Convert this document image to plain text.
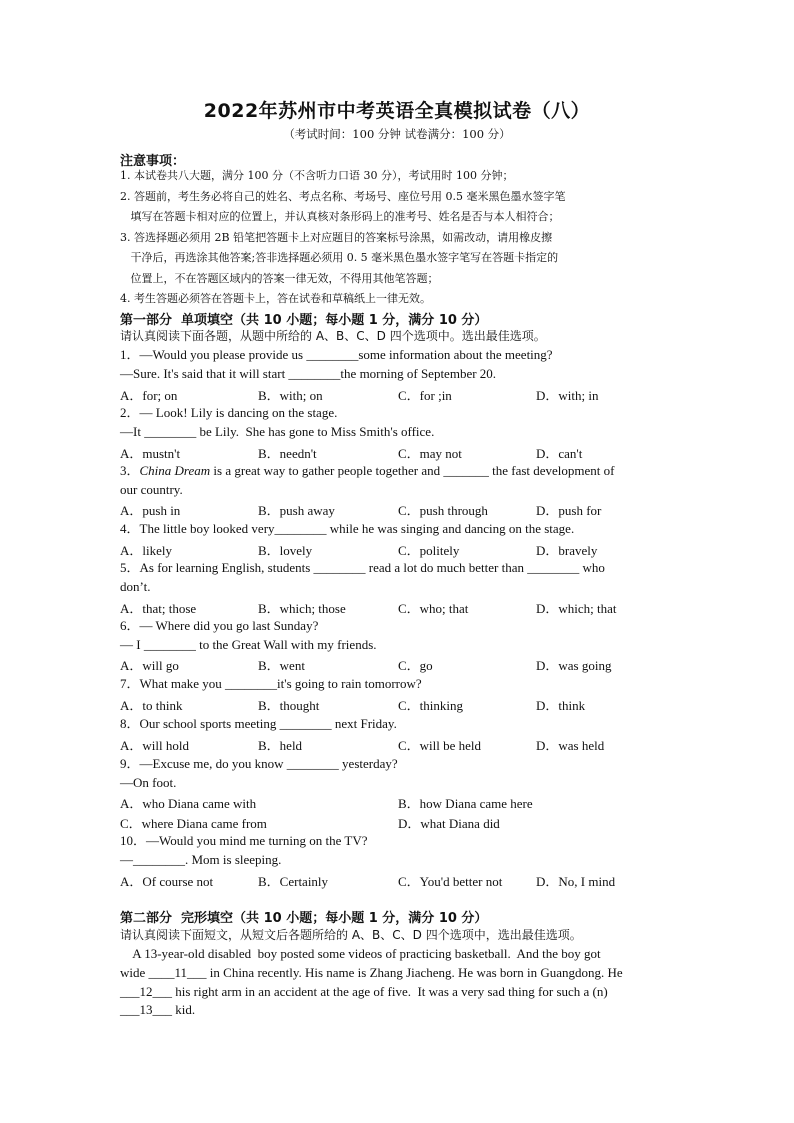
2022年苏州市中考英语全真模拟试卷（八）
（考试时间：100 分钟 试卷满分：100 分）
注意事项：
1. 本试卷共八大题，满分 100 分（不含听力口语 30 分），考试用时 100 分钟；
2. 答题前，考生务必将自己的姓名、考点名称、考场号、座位号用 0.5 毫米黑色墨水签字笔
填写在答题卡相对应的位置上，并认真核对条形码上的准考号、姓名是否与本人相符合；
3. 答选择题必须用 2B 铅笔把答题卡上对应题目的答案标号涂黑，如需改动，请用橡皮擦
干净后，再选涂其他答案;答非选择题必须用 0. 5 毫米黑色墨水签字笔写在答题卡指定的
位置上，不在答题区域内的答案一律无效，不得用其他笔答题；
4. 考生答题必须答在答题卡上，答在试卷和草稿纸上一律无效。
第一部分  单项填空（共 10 小题；每小题 1 分，满分 10 分）
请认真阅读下面各题，从题中所给的 A、B、C、D 四个选项中。选出最佳选项。
1．—Would you please provide us ________some information about the meeting?
—Sure. It's said that it will start ________the morning of September 20.
A．for; on	B．with; on	C．for ;in	D．with; in
2．— Look! Lily is dancing on the stage.
—It ________ be Lily.  She has gone to Miss Smith's office.
A．mustn't	B．needn't	C．may not	D．can't
3．China Dream is a great way to gather people together and _______ the fast development of
our country.
A．push in	B．push away	C．push through	D．push for
4．The little boy looked very________ while he was singing and dancing on the stage.
A．likely	B．lovely	C．politely	D．bravely
5．As for learning English, students ________ read a lot do much better than ________ who
don’t.
A．that; those	B．which; those	C．who; that	D．which; that
6．— Where did you go last Sunday?
— I ________ to the Great Wall with my friends.
A．will go	B．went	C．go	D．was going
7．What make you ________it's going to rain tomorrow?
A．to think	B．thought	C．thinking	D．think
8．Our school sports meeting ________ next Friday.
A．will hold	B．held	C．will be held	D．was held
9．—Excuse me, do you know ________ yesterday?
—On foot.
A．who Diana came with	B．how Diana came here
C．where Diana came from	D．what Diana did
10．—Would you mind me turning on the TV?
—________. Mom is sleeping.
A．Of course not	B．Certainly	C．You'd better not	D．No, I mind
第二部分  完形填空（共 10 小题；每小题 1 分，满分 10 分）
请认真阅读下面短文，从短文后各题所给的 A、B、C、D 四个选项中，选出最佳选项。
A 13-year-old disabled  boy posted some videos of practicing basketball.  And the boy got
wide ____11___ in China recently. His name is Zhang Jiacheng. He was born in Guangdong. He
___12___ his right arm in an accident at the age of five.  It was a very sad thing for such a (n)
___13___ kid.
